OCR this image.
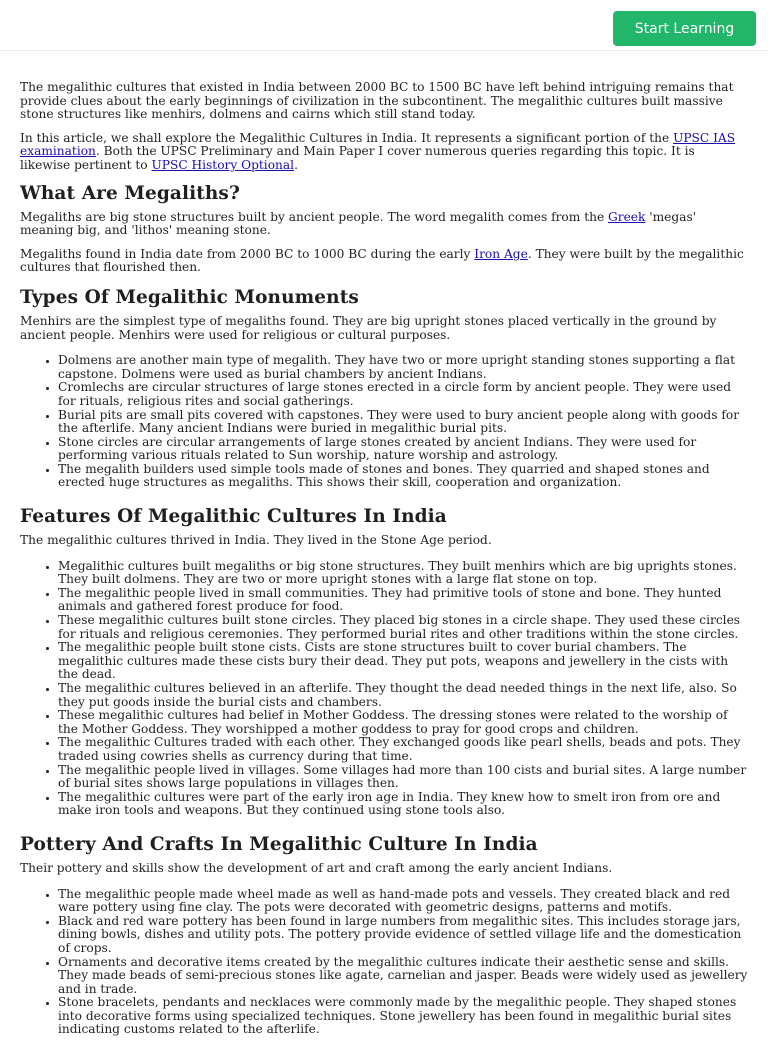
Start Learning

The megalithic cultures that existed in India between 2000 BC to 1500 BC have left behind intriguing remains that provide clues about the early beginnings of civilization in the subcontinent. The megalithic cultures built massive stone structures like menhirs, dolmens and cairns which still stand today.

In this article, we shall explore the Megalithic Cultures in India. It represents a significant portion of the UPSC IAS examination. Both the UPSC Preliminary and Main Paper I cover numerous queries regarding this topic. It is likewise pertinent to UPSC History Optional.

What Are Megaliths?

Megaliths are big stone structures built by ancient people. The word megalith comes from the Greek 'megas' meaning big, and 'lithos' meaning stone.

Megaliths found in India date from 2000 BC to 1000 BC during the early Iron Age. They were built by the megalithic cultures that flourished then.

Types Of Megalithic Monuments

Menhirs are the simplest type of megaliths found. They are big upright stones placed vertically in the ground by ancient people. Menhirs were used for religious or cultural purposes.

• Dolmens are another main type of megalith. They have two or more upright standing stones supporting a flat capstone. Dolmens were used as burial chambers by ancient Indians.
• Cromlechs are circular structures of large stones erected in a circle form by ancient people. They were used for rituals, religious rites and social gatherings.
• Burial pits are small pits covered with capstones. They were used to bury ancient people along with goods for the afterlife. Many ancient Indians were buried in megalithic burial pits.
• Stone circles are circular arrangements of large stones created by ancient Indians. They were used for performing various rituals related to Sun worship, nature worship and astrology.
• The megalith builders used simple tools made of stones and bones. They quarried and shaped stones and erected huge structures as megaliths. This shows their skill, cooperation and organization.
Features Of Megalithic Cultures In India

The megalithic cultures thrived in India. They lived in the Stone Age period.

• Megalithic cultures built megaliths or big stone structures. They built menhirs which are big uprights stones. They built dolmens. They are two or more upright stones with a large flat stone on top.
• The megalithic people lived in small communities. They had primitive tools of stone and bone. They hunted animals and gathered forest produce for food.
• These megalithic cultures built stone circles. They placed big stones in a circle shape. They used these circles for rituals and religious ceremonies. They performed burial rites and other traditions within the stone circles.
• The megalithic people built stone cists. Cists are stone structures built to cover burial chambers. The megalithic cultures made these cists bury their dead. They put pots, weapons and jewellery in the cists with the dead.
• The megalithic cultures believed in an afterlife. They thought the dead needed things in the next life, also. So they put goods inside the burial cists and chambers.
• These megalithic cultures had belief in Mother Goddess. The dressing stones were related to the worship of the Mother Goddess. They worshipped a mother goddess to pray for good crops and children.
• The megalithic Cultures traded with each other. They exchanged goods like pearl shells, beads and pots. They traded using cowries shells as currency during that time.
• The megalithic people lived in villages. Some villages had more than 100 cists and burial sites. A large number of burial sites shows large populations in villages then.
• The megalithic cultures were part of the early iron age in India. They knew how to smelt iron from ore and make iron tools and weapons. But they continued using stone tools also.
Pottery And Crafts In Megalithic Culture In India

Their pottery and skills show the development of art and craft among the early ancient Indians.

• The megalithic people made wheel made as well as hand-made pots and vessels. They created black and red ware pottery using fine clay. The pots were decorated with geometric designs, patterns and motifs.
• Black and red ware pottery has been found in large numbers from megalithic sites. This includes storage jars, dining bowls, dishes and utility pots. The pottery provide evidence of settled village life and the domestication of crops.
• Ornaments and decorative items created by the megalithic cultures indicate their aesthetic sense and skills. They made beads of semi-precious stones like agate, carnelian and jasper. Beads were widely used as jewellery and in trade.
• Stone bracelets, pendants and necklaces were commonly made by the megalithic people. They shaped stones into decorative forms using specialized techniques. Stone jewellery has been found in megalithic burial sites indicating customs related to the afterlife.
